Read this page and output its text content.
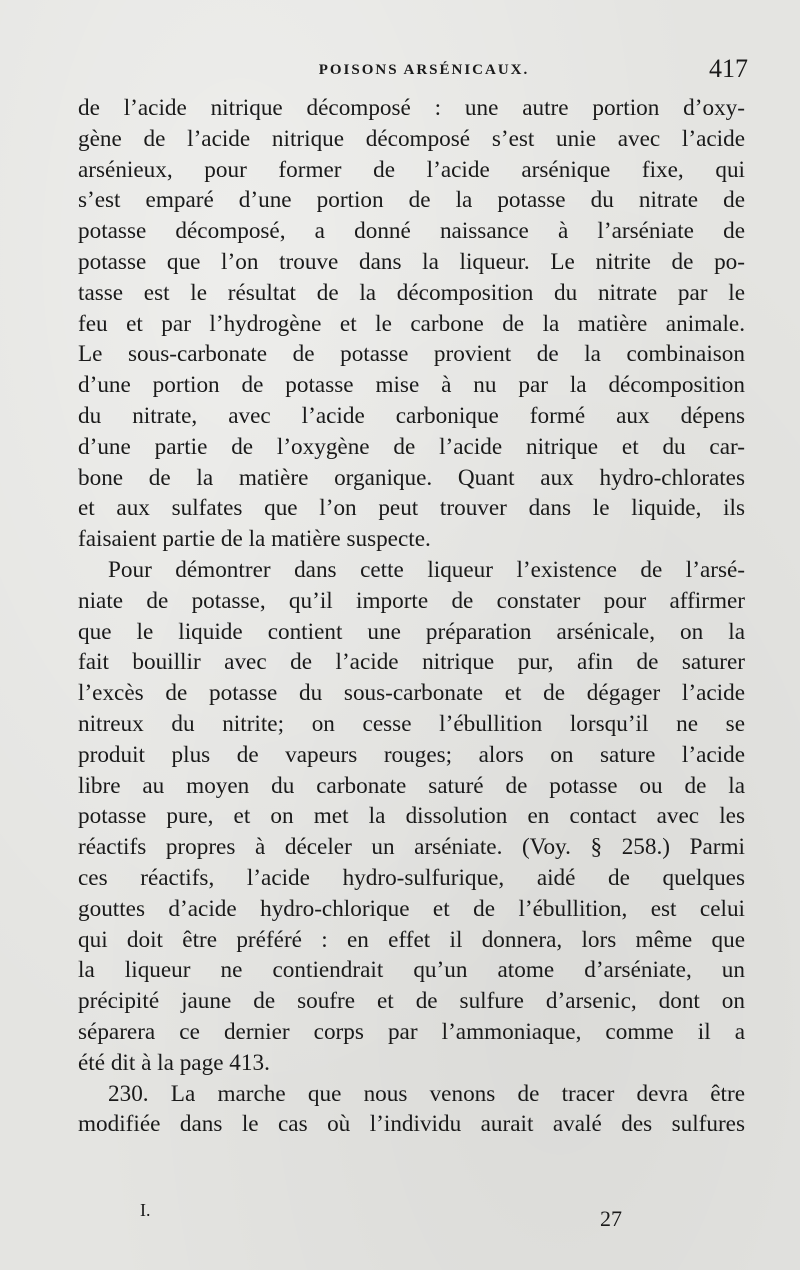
POISONS ARSÉNICAUX.	417
de l’acide nitrique décomposé : une autre portion d’oxy-
gène de l’acide nitrique décomposé s’est unie avec l’acide
arsénieux, pour former de l’acide arsénique fixe, qui
s’est emparé d’une portion de la potasse du nitrate de
potasse décomposé, a donné naissance à l’arséniate de
potasse que l’on trouve dans la liqueur. Le nitrite de po-
tasse est le résultat de la décomposition du nitrate par le
feu et par l’hydrogène et le carbone de la matière animale.
Le sous-carbonate de potasse provient de la combinaison
d’une portion de potasse mise à nu par la décomposition
du nitrate, avec l’acide carbonique formé aux dépens
d’une partie de l’oxygène de l’acide nitrique et du car-
bone de la matière organique. Quant aux hydro-chlorates
et aux sulfates que l’on peut trouver dans le liquide, ils
faisaient partie de la matière suspecte.
Pour démontrer dans cette liqueur l’existence de l’arsé-
niate de potasse, qu’il importe de constater pour affirmer
que le liquide contient une préparation arsénicale, on la
fait bouillir avec de l’acide nitrique pur, afin de saturer
l’excès de potasse du sous-carbonate et de dégager l’acide
nitreux du nitrite; on cesse l’ébullition lorsqu’il ne se
produit plus de vapeurs rouges; alors on sature l’acide
libre au moyen du carbonate saturé de potasse ou de la
potasse pure, et on met la dissolution en contact avec les
réactifs propres à déceler un arséniate. (Voy. § 258.) Parmi
ces réactifs, l’acide hydro-sulfurique, aidé de quelques
gouttes d’acide hydro-chlorique et de l’ébullition, est celui
qui doit être préféré : en effet il donnera, lors même que
la liqueur ne contiendrait qu’un atome d’arséniate, un
précipité jaune de soufre et de sulfure d’arsenic, dont on
séparera ce dernier corps par l’ammoniaque, comme il a
été dit à la page 413.
230. La marche que nous venons de tracer devra être
modifiée dans le cas où l’individu aurait avalé des sulfures
I.	27
